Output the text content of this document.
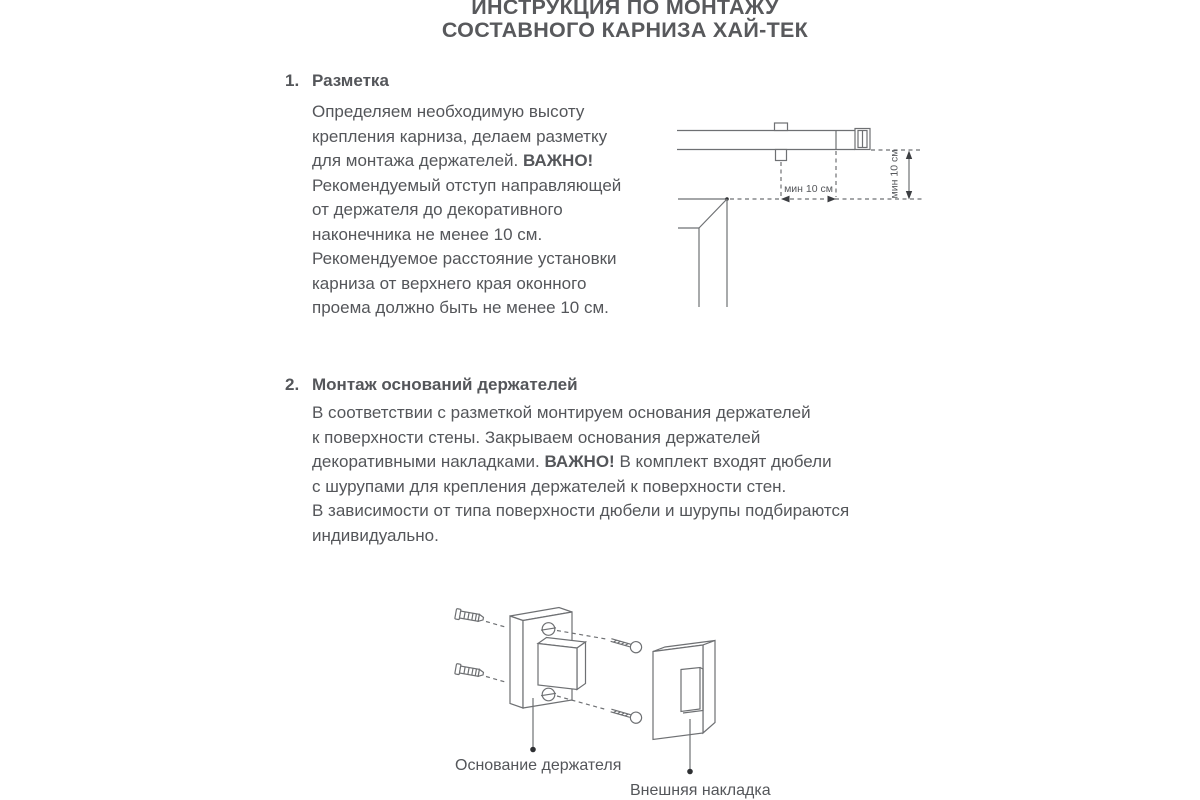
ИНСТРУКЦИЯ ПО МОНТАЖУ
СОСТАВНОГО КАРНИЗА ХАЙ-ТЕК
1. Разметка
Определяем необходимую высоту
крепления карниза, делаем разметку
для монтажа держателей. ВАЖНО!
Рекомендуемый отступ направляющей
от держателя до декоративного
наконечника не менее 10 см.
Рекомендуемое расстояние установки
карниза от верхнего края оконного
проема должно быть не менее 10 см.
мин 10 см	мин 10 см
2. Монтаж оснований держателей
В соответствии с разметкой монтируем основания держателей
к поверхности стены. Закрываем основания держателей
декоративными накладками. ВАЖНО! В комплект входят дюбели
с шурупами для крепления держателей к поверхности стен.
В зависимости от типа поверхности дюбели и шурупы подбираются
индивидуально.
Основание держателя
Внешняя накладка
